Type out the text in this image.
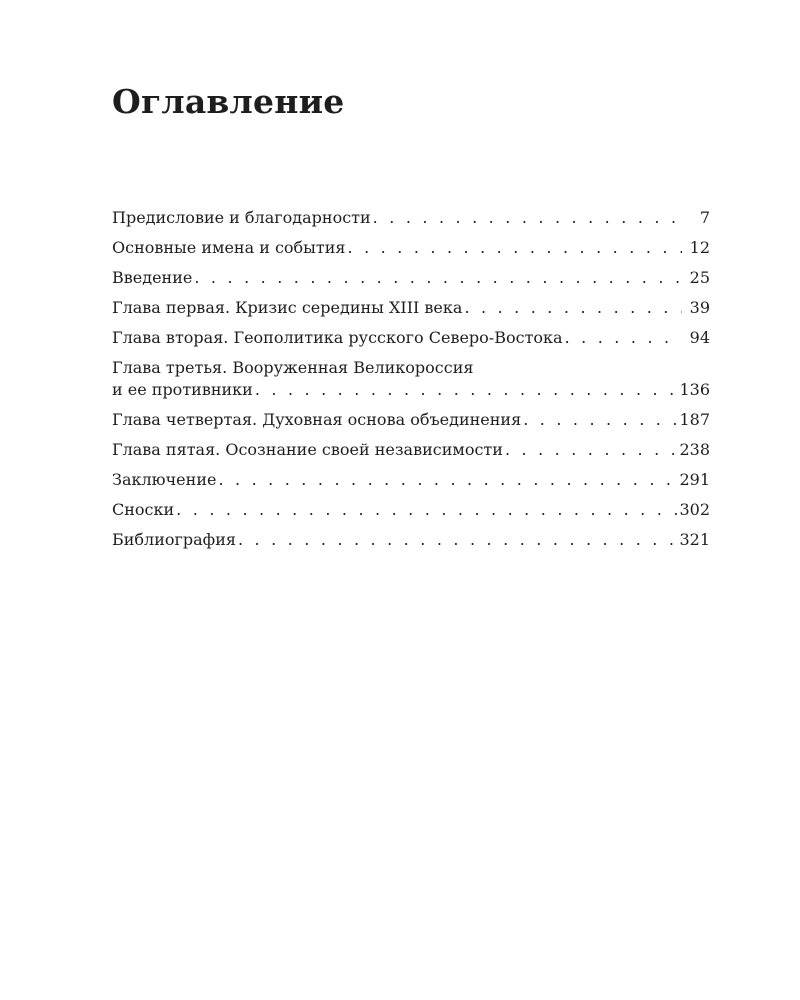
Оглавление
Предисловие и благодарности . . .	7
Основные имена и события . . .	12
Введение . . .	25
Глава первая. Кризис середины XIII века . . .	39
Глава вторая. Геополитика русского Северо-Востока . . .	94
Глава третья. Вооруженная Великороссия
и ее противники . . .	136
Глава четвертая. Духовная основа объединения . . .	187
Глава пятая. Осознание своей независимости . . .	238
Заключение . . .	291
Сноски . . .	302
Библиография . . .	321
